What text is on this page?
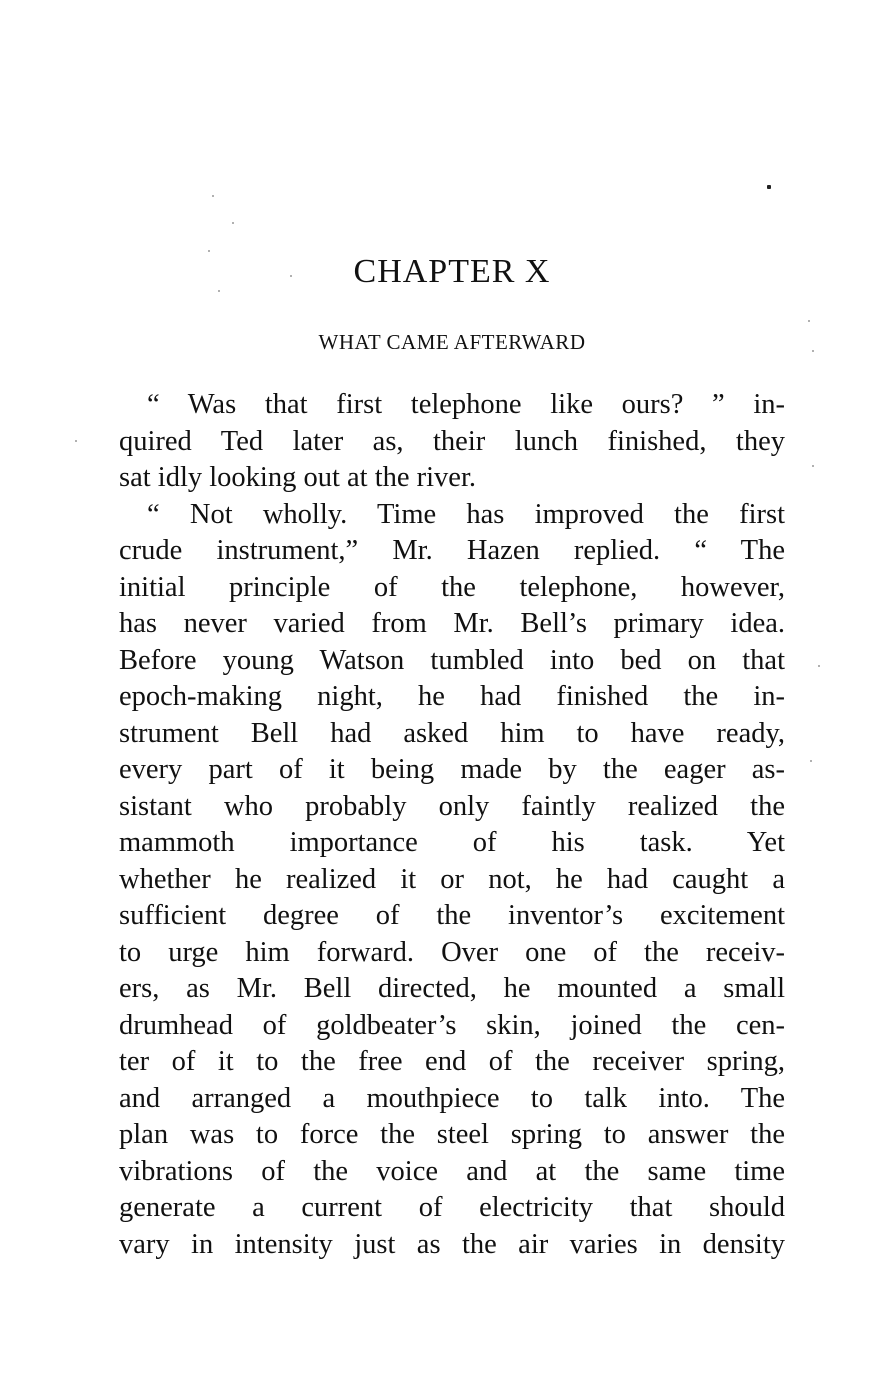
CHAPTER X
WHAT CAME AFTERWARD
“ Was that first telephone like ours? ” in-
quired Ted later as, their lunch finished, they
sat idly looking out at the river.
“ Not wholly. Time has improved the first
crude instrument,” Mr. Hazen replied. “ The
initial principle of the telephone, however,
has never varied from Mr. Bell’s primary idea.
Before young Watson tumbled into bed on that
epoch-making night, he had finished the in-
strument Bell had asked him to have ready,
every part of it being made by the eager as-
sistant who probably only faintly realized the
mammoth importance of his task. Yet
whether he realized it or not, he had caught a
sufficient degree of the inventor’s excitement
to urge him forward. Over one of the receiv-
ers, as Mr. Bell directed, he mounted a small
drumhead of goldbeater’s skin, joined the cen-
ter of it to the free end of the receiver spring,
and arranged a mouthpiece to talk into. The
plan was to force the steel spring to answer the
vibrations of the voice and at the same time
generate a current of electricity that should
vary in intensity just as the air varies in density
